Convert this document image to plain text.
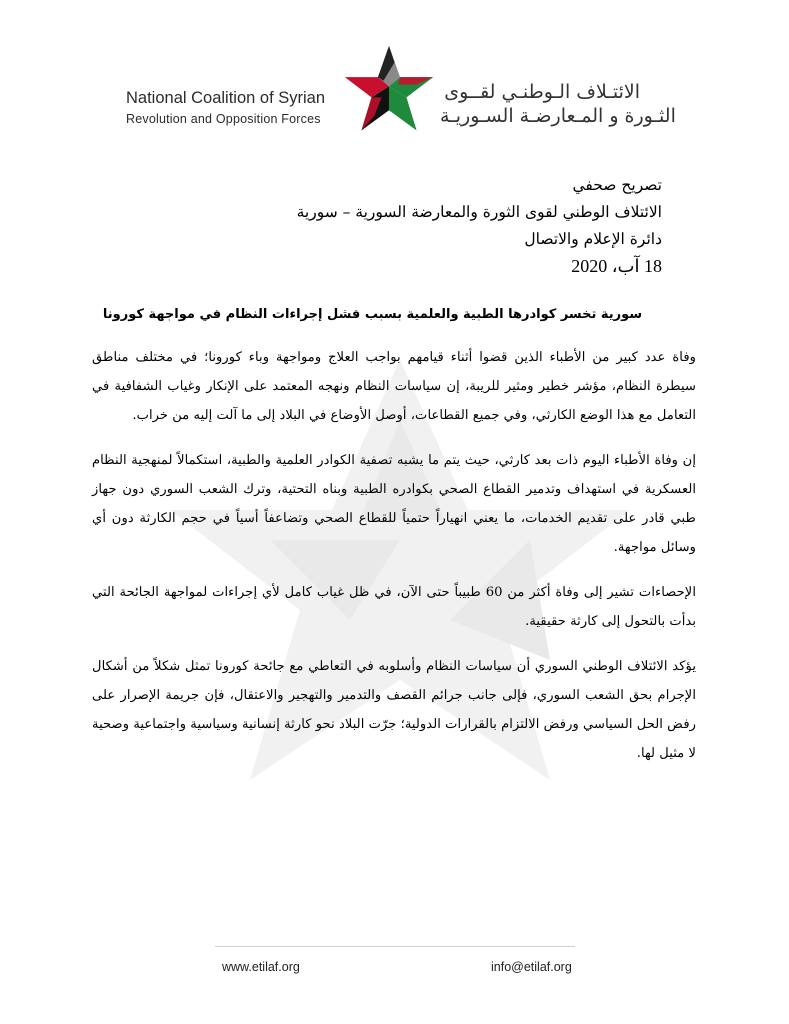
National Coalition of Syrian
Revolution and Opposition Forces
الائتـلاف الـوطنـي لقــوى
الثـورة و المـعارضـة السـوريـة
تصريح صحفي
الائتلاف الوطني لقوى الثورة والمعارضة السورية – سورية
دائرة الإعلام والاتصال
18 آب، 2020
سورية تخسر كوادرها الطبية والعلمية بسبب فشل إجراءات النظام في مواجهة كورونا

وفاة عدد كبير من الأطباء الذين قضوا أثناء قيامهم بواجب العلاج ومواجهة وباء كورونا؛ في مختلف مناطق سيطرة النظام، مؤشر خطير ومثير للريبة، إن سياسات النظام ونهجه المعتمد على الإنكار وغياب الشفافية في التعامل مع هذا الوضع الكارثي، وفي جميع القطاعات، أوصل الأوضاع في البلاد إلى ما آلت إليه من خراب.

إن وفاة الأطباء اليوم ذات بعد كارثي، حيث يتم ما يشبه تصفية الكوادر العلمية والطبية، استكمالاً لمنهجية النظام العسكرية في استهداف وتدمير القطاع الصحي بكوادره الطبية وبناه التحتية، وترك الشعب السوري دون جهاز طبي قادر على تقديم الخدمات، ما يعني انهياراً حتمياً للقطاع الصحي وتضاعفاً أسياً في حجم الكارثة دون أي وسائل مواجهة.

الإحصاءات تشير إلى وفاة أكثر من 60 طبيباً حتى الآن، في ظل غياب كامل لأي إجراءات لمواجهة الجائحة التي بدأت بالتحول إلى كارثة حقيقية.

يؤكد الائتلاف الوطني السوري أن سياسات النظام وأسلوبه في التعاطي مع جائحة كورونا تمثل شكلاً من أشكال الإجرام بحق الشعب السوري، فإلى جانب جرائم القصف والتدمير والتهجير والاعتقال، فإن جريمة الإصرار على رفض الحل السياسي ورفض الالتزام بالقرارات الدولية؛ جرّت البلاد نحو كارثة إنسانية وسياسية واجتماعية وصحية لا مثيل لها.

www.etilaf.org	info@etilaf.org
